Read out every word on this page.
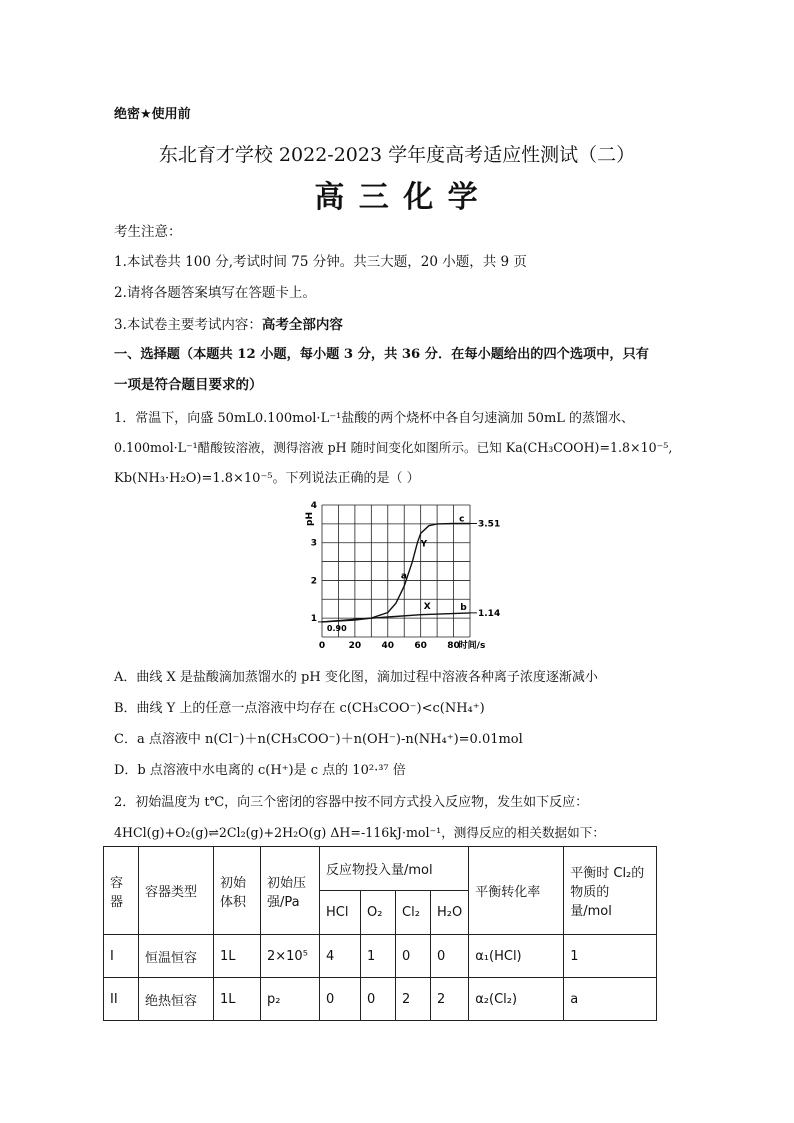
绝密★使用前
东北育才学校 2022-2023 学年度高考适应性测试（二）
高 三 化 学
考生注意：
1.本试卷共 100 分,考试时间 75 分钟。共三大题，20 小题，共 9 页
2.请将各题答案填写在答题卡上。
3.本试卷主要考试内容：高考全部内容
一、选择题（本题共 12 小题，每小题 3 分，共 36 分．在每小题给出的四个选项中，只有
一项是符合题目要求的）
1．常温下，向盛 50mL0.100mol·L⁻¹盐酸的两个烧杯中各自匀速滴加 50mL 的蒸馏水、
0.100mol·L⁻¹醋酸铵溶液，测得溶液 pH 随时间变化如图所示。已知 Ka(CH₃COOH)=1.8×10⁻⁵,
Kb(NH₃·H₂O)=1.8×10⁻⁵。下列说法正确的是（ ）
0	20 40 60 80
1
2
3
4
时间/s
pH
0.90
1.14
3.51
a
b
c
X
Y
A．曲线 X 是盐酸滴加蒸馏水的 pH 变化图，滴加过程中溶液各种离子浓度逐渐减小
B．曲线 Y 上的任意一点溶液中均存在 c(CH₃COO⁻)<c(NH₄⁺)
C．a 点溶液中 n(Cl⁻)＋n(CH₃COO⁻)＋n(OH⁻)-n(NH₄⁺)=0.01mol
D．b 点溶液中水电离的 c(H⁺)是 c 点的 10²·³⁷ 倍
2．初始温度为 t℃，向三个密闭的容器中按不同方式投入反应物，发生如下反应：
4HCl(g)+O₂(g)⇌2Cl₂(g)+2H₂O(g) ΔH=-116kJ·mol⁻¹，测得反应的相关数据如下：
容器	容器类型	初始体积	初始压强/Pa	反应物投入量/mol				平衡转化率	平衡时 Cl₂的物质的量/mol
				HCl	O₂	Cl₂	H₂O		
I	恒温恒容	1L	2×10⁵	4	1	0	0	α₁(HCl)	1
II	绝热恒容	1L	p₂	0	0	2	2	α₂(Cl₂)	a
